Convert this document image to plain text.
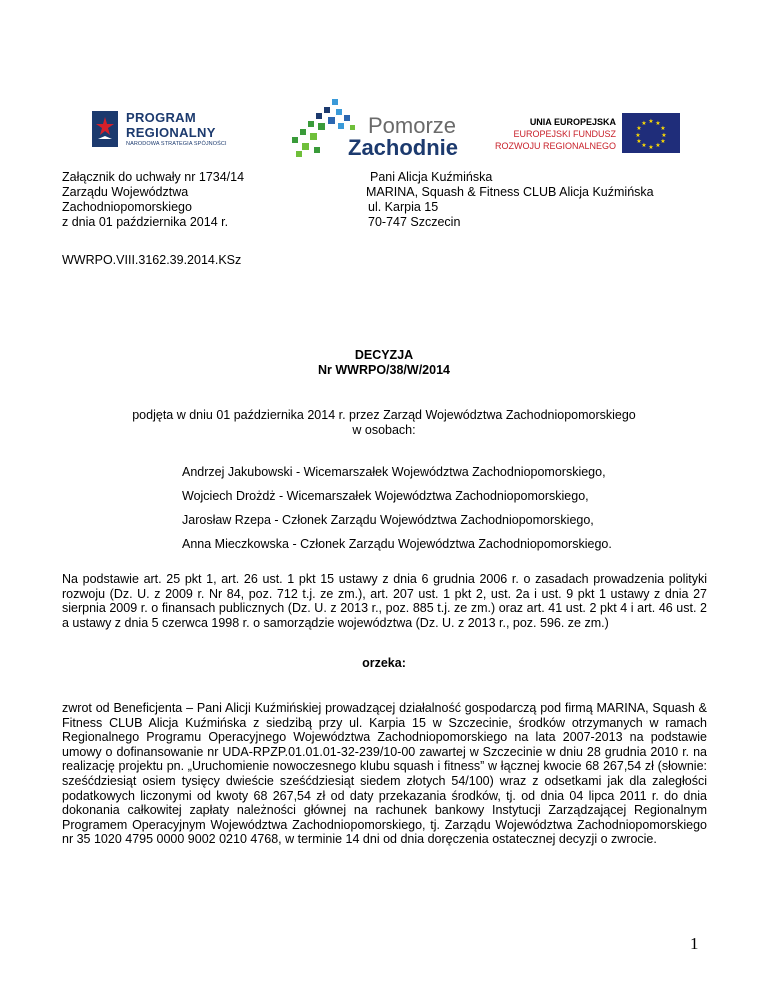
PROGRAM
REGIONALNY
NARODOWA STRATEGIA SPÓJNOŚCI
Pomorze
Zachodnie
UNIA EUROPEJSKA
EUROPEJSKI FUNDUSZ
ROZWOJU REGIONALNEGO
★ ★
★
★
★
★
★
★
★
★
★
★
Załącznik do uchwały nr 1734/14
Zarządu Województwa
Zachodniopomorskiego
z dnia 01 października 2014 r.
Pani Alicja Kuźmińska
MARINA, Squash & Fitness CLUB Alicja Kuźmińska
ul. Karpia 15
70-747 Szczecin
WWRPO.VIII.3162.39.2014.KSz
DECYZJA
Nr WWRPO/38/W/2014
podjęta w dniu 01 października 2014 r. przez Zarząd Województwa Zachodniopomorskiego
w osobach:
Andrzej Jakubowski - Wicemarszałek Województwa Zachodniopomorskiego,
Wojciech Drożdż - Wicemarszałek Województwa Zachodniopomorskiego,
Jarosław Rzepa - Członek Zarządu Województwa Zachodniopomorskiego,
Anna Mieczkowska - Członek Zarządu Województwa Zachodniopomorskiego.
Na podstawie art. 25 pkt 1, art. 26 ust. 1 pkt 15 ustawy z dnia 6 grudnia 2006 r. o zasadach prowadzenia polityki rozwoju (Dz. U. z 2009 r. Nr 84, poz. 712 t.j. ze zm.), art. 207 ust. 1 pkt 2, ust. 2a i ust. 9 pkt 1 ustawy z dnia 27 sierpnia 2009 r. o finansach publicznych (Dz. U. z 2013 r., poz. 885 t.j. ze zm.) oraz art. 41 ust. 2 pkt 4 i art. 46 ust. 2 a ustawy z dnia 5 czerwca 1998 r. o samorządzie województwa (Dz. U. z 2013 r., poz. 596. ze zm.)
orzeka:
zwrot od Beneficjenta – Pani Alicji Kuźmińskiej prowadzącej działalność gospodarczą pod firmą MARINA, Squash & Fitness CLUB Alicja Kuźmińska z siedzibą przy ul. Karpia 15 w Szczecinie, środków otrzymanych w ramach Regionalnego Programu Operacyjnego Województwa Zachodniopomorskiego na lata 2007-2013 na podstawie umowy o dofinansowanie nr UDA-RPZP.01.01.01-32-239/10-00 zawartej w Szczecinie w dniu 28 grudnia 2010 r. na realizację projektu pn. „Uruchomienie nowoczesnego klubu squash i fitness” w łącznej kwocie 68 267,54 zł (słownie: sześćdziesiąt osiem tysięcy dwieście sześćdziesiąt siedem złotych 54/100) wraz z odsetkami jak dla zaległości podatkowych liczonymi od kwoty 68 267,54 zł od daty przekazania środków, tj. od dnia 04 lipca 2011 r. do dnia dokonania całkowitej zapłaty należności głównej na rachunek bankowy Instytucji Zarządzającej Regionalnym Programem Operacyjnym Województwa Zachodniopomorskiego, tj. Zarządu Województwa Zachodniopomorskiego nr 35 1020 4795 0000 9002 0210 4768, w terminie 14 dni od dnia doręczenia ostatecznej decyzji o zwrocie.
1
